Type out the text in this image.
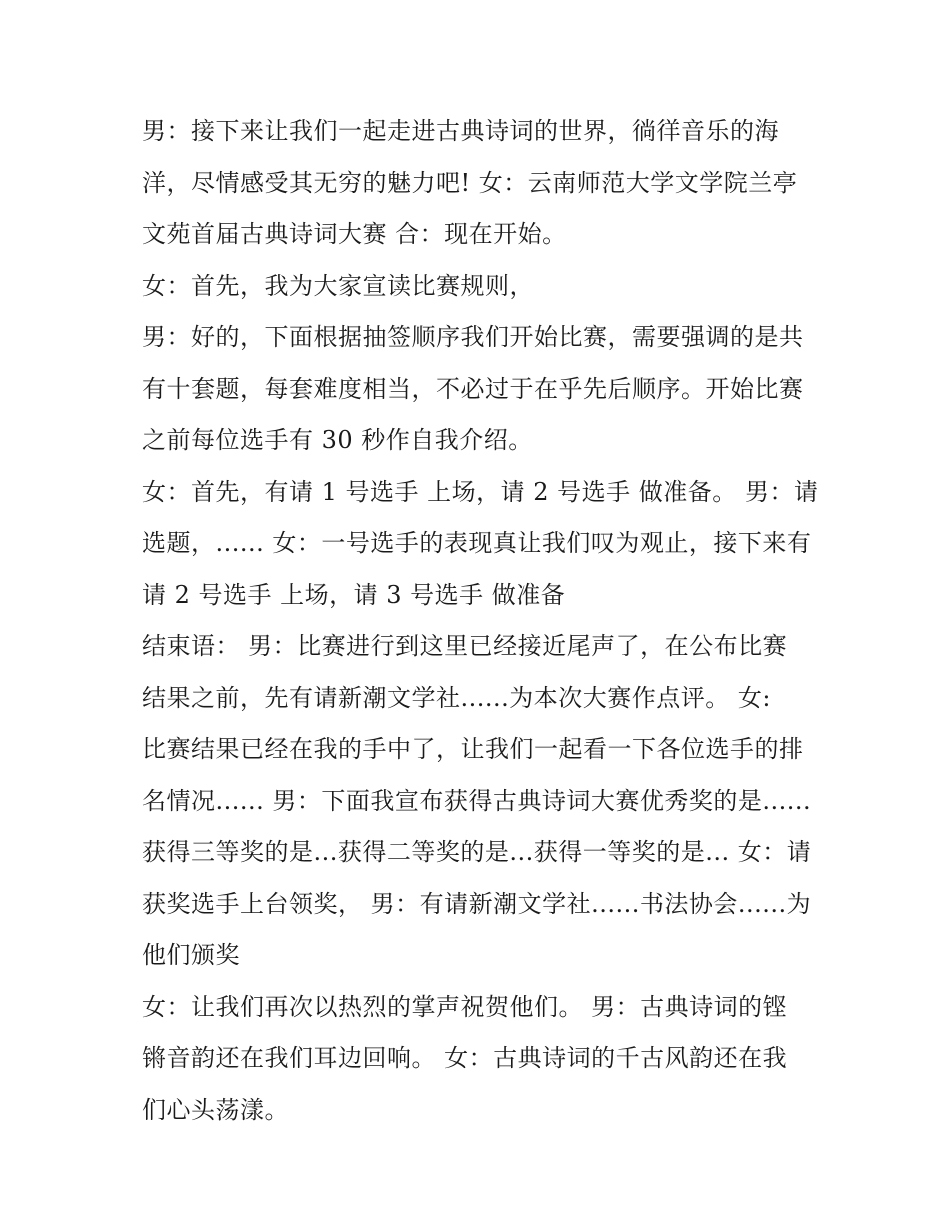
男：接下来让我们一起走进古典诗词的世界，徜徉音乐的海
洋，尽情感受其无穷的魅力吧! 女：云南师范大学文学院兰亭
文苑首届古典诗词大赛 合：现在开始。
女：首先，我为大家宣读比赛规则，
男：好的，下面根据抽签顺序我们开始比赛，需要强调的是共
有十套题，每套难度相当，不必过于在乎先后顺序。开始比赛
之前每位选手有 30 秒作自我介绍。
女：首先，有请 1 号选手 上场，请 2 号选手 做准备。 男：请
选题，...... 女：一号选手的表现真让我们叹为观止，接下来有
请 2 号选手 上场，请 3 号选手 做准备
结束语： 男：比赛进行到这里已经接近尾声了，在公布比赛
结果之前，先有请新潮文学社......为本次大赛作点评。 女:
比赛结果已经在我的手中了，让我们一起看一下各位选手的排
名情况...... 男：下面我宣布获得古典诗词大赛优秀奖的是......
获得三等奖的是...获得二等奖的是...获得一等奖的是... 女：请
获奖选手上台领奖， 男：有请新潮文学社......书法协会......为
他们颁奖
女：让我们再次以热烈的掌声祝贺他们。 男：古典诗词的铿
锵音韵还在我们耳边回响。 女：古典诗词的千古风韵还在我
们心头荡漾。
